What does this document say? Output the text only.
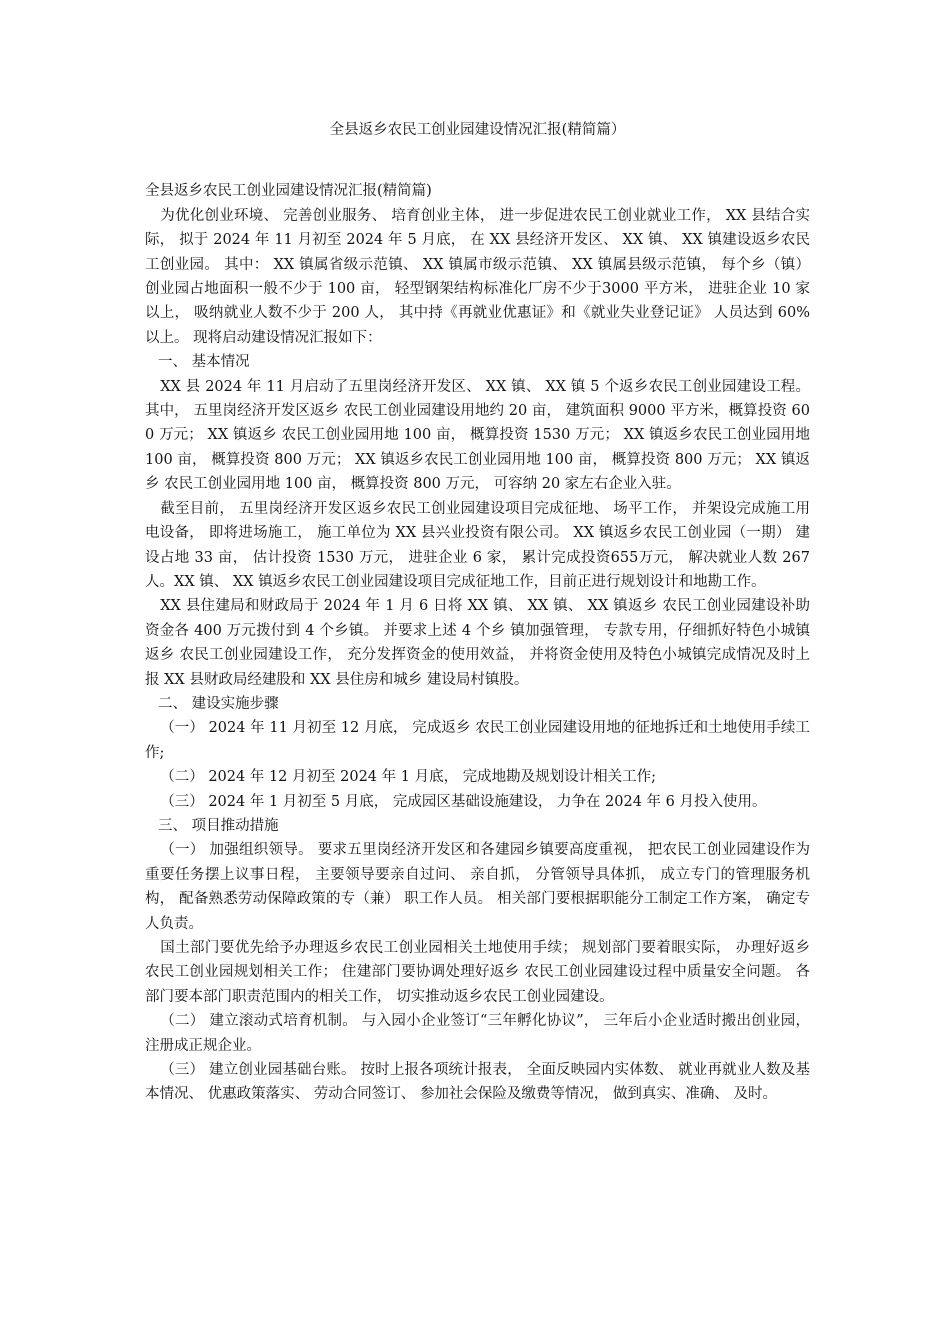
全县返乡农民工创业园建设情况汇报(精简篇）

全县返乡农民工创业园建设情况汇报(精简篇)

为优化创业环境、 完善创业服务、 培育创业主体， 进一步促进农民工创业就业工作， XX 县结合实际， 拟于 2024 年 11 月初至 2024 年 5 月底， 在 XX 县经济开发区、 XX 镇、 XX 镇建设返乡农民工创业园。 其中： XX 镇属省级示范镇、 XX 镇属市级示范镇、 XX 镇属县级示范镇， 每个乡（镇） 创业园占地面积一般不少于 100 亩， 轻型钢架结构标准化厂房不少于3000 平方米， 进驻企业 10 家以上， 吸纳就业人数不少于 200 人， 其中持《再就业优惠证》和《就业失业登记证》 人员达到 60%以上。 现将启动建设情况汇报如下：

一、 基本情况

XX 县 2024 年 11 月启动了五里岗经济开发区、 XX 镇、 XX 镇 5 个返乡农民工创业园建设工程。 其中， 五里岗经济开发区返乡 农民工创业园建设用地约 20 亩， 建筑面积 9000 平方米，概算投资 600 万元； XX 镇返乡 农民工创业园用地 100 亩， 概算投资 1530 万元； XX 镇返乡农民工创业园用地 100 亩， 概算投资 800 万元； XX 镇返乡农民工创业园用地 100 亩， 概算投资 800 万元； XX 镇返乡 农民工创业园用地 100 亩， 概算投资 800 万元， 可容纳 20 家左右企业入驻。

截至目前， 五里岗经济开发区返乡农民工创业园建设项目完成征地、 场平工作， 并架设完成施工用电设备， 即将进场施工， 施工单位为 XX 县兴业投资有限公司。 XX 镇返乡农民工创业园（一期） 建设占地 33 亩， 估计投资 1530 万元， 进驻企业 6 家， 累计完成投资655万元， 解决就业人数 267 人。XX 镇、 XX 镇返乡农民工创业园建设项目完成征地工作，目前正进行规划设计和地勘工作。

XX 县住建局和财政局于 2024 年 1 月 6 日将 XX 镇、 XX 镇、 XX 镇返乡 农民工创业园建设补助资金各 400 万元拨付到 4 个乡镇。 并要求上述 4 个乡 镇加强管理， 专款专用，仔细抓好特色小城镇返乡 农民工创业园建设工作， 充分发挥资金的使用效益， 并将资金使用及特色小城镇完成情况及时上报 XX 县财政局经建股和 XX 县住房和城乡 建设局村镇股。

二、 建设实施步骤

（一） 2024 年 11 月初至 12 月底， 完成返乡 农民工创业园建设用地的征地拆迁和土地使用手续工作;

（二） 2024 年 12 月初至 2024 年 1 月底， 完成地勘及规划设计相关工作;

（三） 2024 年 1 月初至 5 月底， 完成园区基础设施建设， 力争在 2024 年 6 月投入使用。

三、 项目推动措施

（一） 加强组织领导。 要求五里岗经济开发区和各建园乡镇要高度重视， 把农民工创业园建设作为重要任务摆上议事日程， 主要领导要亲自过问、 亲自抓， 分管领导具体抓， 成立专门的管理服务机构， 配备熟悉劳动保障政策的专（兼） 职工作人员。 相关部门要根据职能分工制定工作方案， 确定专人负责。

国土部门要优先给予办理返乡农民工创业园相关土地使用手续； 规划部门要着眼实际， 办理好返乡 农民工创业园规划相关工作； 住建部门要协调处理好返乡 农民工创业园建设过程中质量安全问题。 各部门要本部门职责范围内的相关工作， 切实推动返乡农民工创业园建设。

（二） 建立滚动式培育机制。 与入园小企业签订“三年孵化协议”， 三年后小企业适时搬出创业园， 注册成正规企业。

（三） 建立创业园基础台账。 按时上报各项统计报表， 全面反映园内实体数、 就业再就业人数及基本情况、 优惠政策落实、 劳动合同签订、 参加社会保险及缴费等情况， 做到真实、准确、 及时。
